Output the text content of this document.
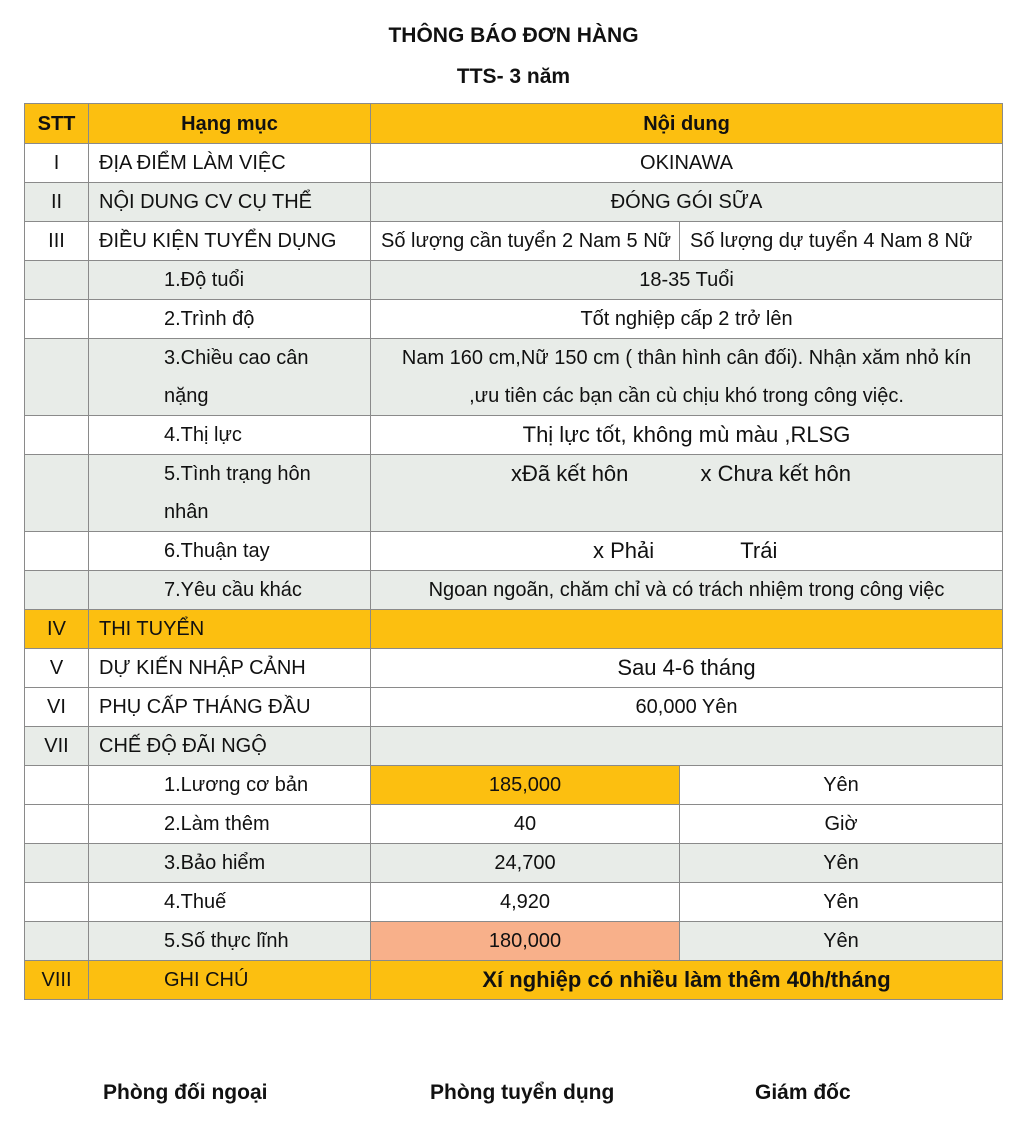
THÔNG BÁO ĐƠN HÀNG
TTS- 3 năm
STT	Hạng mục	Nội dung	
I	ĐỊA ĐIỂM LÀM VIỆC	OKINAWA	
II	NỘI DUNG CV CỤ THỂ	ĐÓNG GÓI SỮA	
III	ĐIỀU KIỆN TUYỂN DỤNG	Số lượng cần tuyển 2 Nam 5 Nữ	Số lượng dự tuyển 4 Nam 8 Nữ
	1.Độ tuổi	18-35 Tuổi	
	2.Trình độ	Tốt nghiệp cấp 2 trở lên	
	3.Chiều cao cân nặng	Nam 160 cm,Nữ 150 cm ( thân hình cân đối). Nhận xăm nhỏ kín ,ưu tiên các bạn cần cù chịu khó trong công việc.	
	4.Thị lực	Thị lực tốt, không mù màu ,RLSG	
	5.Tình trạng hôn nhân	xĐã kết hôn x Chưa kết hôn	
	6.Thuận tay	x Phải Trái	
	7.Yêu cầu khác	Ngoan ngoãn, chăm chỉ và có trách nhiệm trong công việc	
IV	THI TUYỂN		
V	DỰ KIẾN NHẬP CẢNH	Sau 4-6 tháng	
VI	PHỤ CẤP THÁNG ĐẦU	60,000 Yên	
VII	CHẾ ĐỘ ĐÃI NGỘ		
	1.Lương cơ bản	185,000	Yên
	2.Làm thêm	40	Giờ
	3.Bảo hiểm	24,700	Yên
	4.Thuế	4,920	Yên
	5.Số thực lĩnh	180,000	Yên
VIII	GHI CHÚ	Xí nghiệp có nhiều làm thêm 40h/tháng	
Phòng đối ngoại	Phòng tuyển dụng	Giám đốc
